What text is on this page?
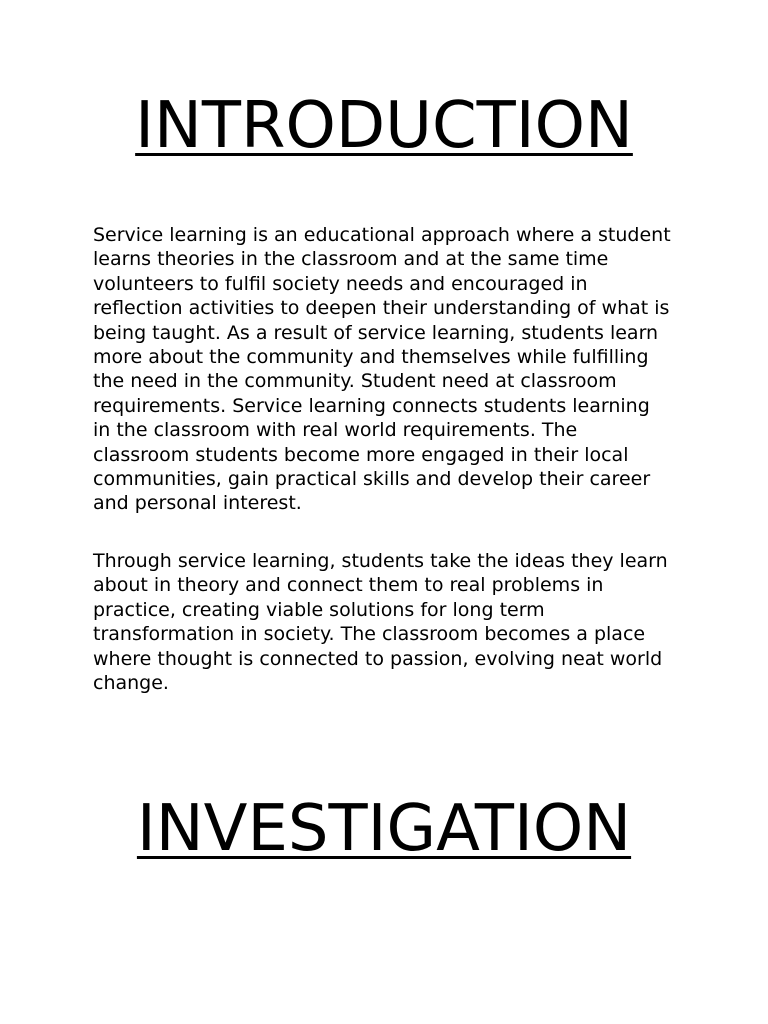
INTRODUCTION

Service learning is an educational approach where a student learns theories in the classroom and at the same time volunteers to fulfil society needs and encouraged in reflection activities to deepen their understanding of what is being taught. As a result of service learning, students learn more about the community and themselves while fulfilling the need in the community. Student need at classroom requirements. Service learning connects students learning in the classroom with real world requirements. The classroom students become more engaged in their local communities, gain practical skills and develop their career and personal interest.

Through service learning, students take the ideas they learn about in theory and connect them to real problems in practice, creating viable solutions for long term transformation in society. The classroom becomes a place where thought is connected to passion, evolving neat world change.

INVESTIGATION
